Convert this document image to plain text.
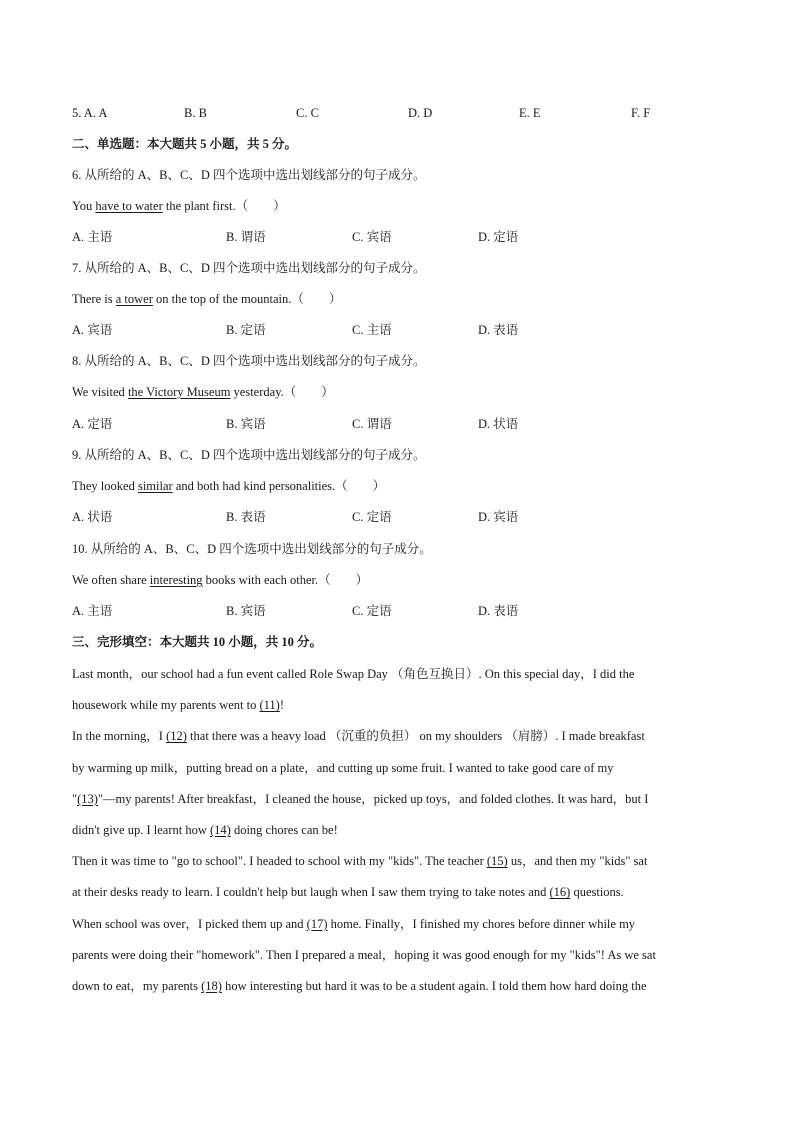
5. A. A	B. B	C. C	D. D	E. E	F. F
二、单选题：本大题共 5 小题，共 5 分。
6. 从所给的 A、B、C、D 四个选项中选出划线部分的句子成分。
You have to water the plant first.（　　）
A. 主语	B. 谓语	C. 宾语	D. 定语
7. 从所给的 A、B、C、D 四个选项中选出划线部分的句子成分。
There is a tower on the top of the mountain.（　　）
A. 宾语	B. 定语	C. 主语	D. 表语
8. 从所给的 A、B、C、D 四个选项中选出划线部分的句子成分。
We visited the Victory Museum yesterday.（　　）
A. 定语	B. 宾语	C. 谓语	D. 状语
9. 从所给的 A、B、C、D 四个选项中选出划线部分的句子成分。
They looked similar and both had kind personalities.（　　）
A. 状语	B. 表语	C. 定语	D. 宾语
10. 从所给的 A、B、C、D 四个选项中选出划线部分的句子成分。
We often share interesting books with each other.（　　）
A. 主语	B. 宾语	C. 定语	D. 表语
三、完形填空：本大题共 10 小题，共 10 分。
Last month，our school had a fun event called Role Swap Day （角色互换日）. On this special day，I did the
housework while my parents went to (11)!
In the morning，I (12) that there was a heavy load （沉重的负担） on my shoulders （肩膀）. I made breakfast
by warming up milk，putting bread on a plate，and cutting up some fruit. I wanted to take good care of my
"(13)"—my parents! After breakfast，I cleaned the house，picked up toys，and folded clothes. It was hard，but I
didn't give up. I learnt how (14) doing chores can be!
Then it was time to "go to school". I headed to school with my "kids". The teacher (15) us，and then my "kids" sat
at their desks ready to learn. I couldn't help but laugh when I saw them trying to take notes and (16) questions.
When school was over，I picked them up and (17) home. Finally，I finished my chores before dinner while my
parents were doing their "homework". Then I prepared a meal，hoping it was good enough for my "kids"! As we sat
down to eat，my parents (18) how interesting but hard it was to be a student again. I told them how hard doing the
